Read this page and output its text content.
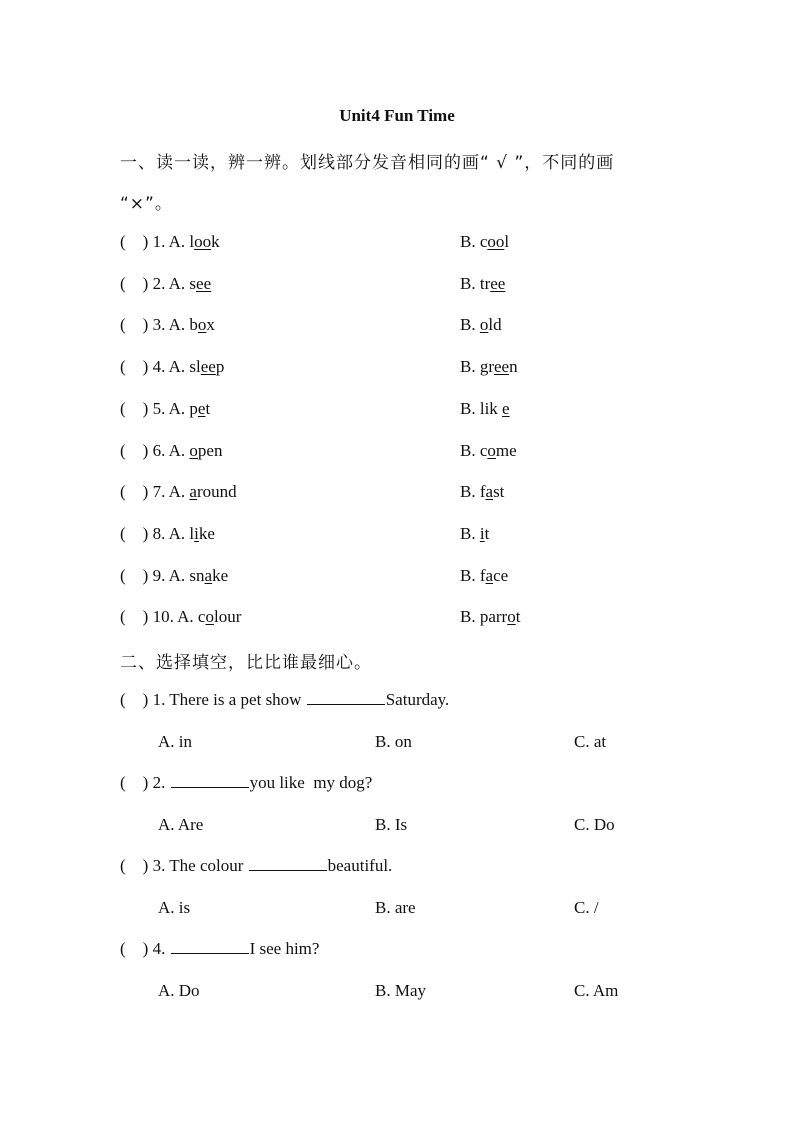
Unit4 Fun Time
一、读一读，辨一辨。划线部分发音相同的画“ √ ”，不同的画
“×”。
(    ) 1. A. look	B. cool
(    ) 2. A. see	B. tree
(    ) 3. A. box	B. old
(    ) 4. A. sleep	B. green
(    ) 5. A. pet	B. lik e
(    ) 6. A. open	B. come
(    ) 7. A. around	B. fast
(    ) 8. A. like	B. it
(    ) 9. A. snake	B. face
(    ) 10. A. colour	B. parrot
二、选择填空，比比谁最细心。
(    ) 1. There is a pet show	Saturday.
A. in	B. on	C. at
(    ) 2.	you like  my dog?
A. Are	B. Is	C. Do
(    ) 3. The colour	beautiful.
A. is	B. are	C. /
(    ) 4.	I see him?
A. Do	B. May	C. Am
